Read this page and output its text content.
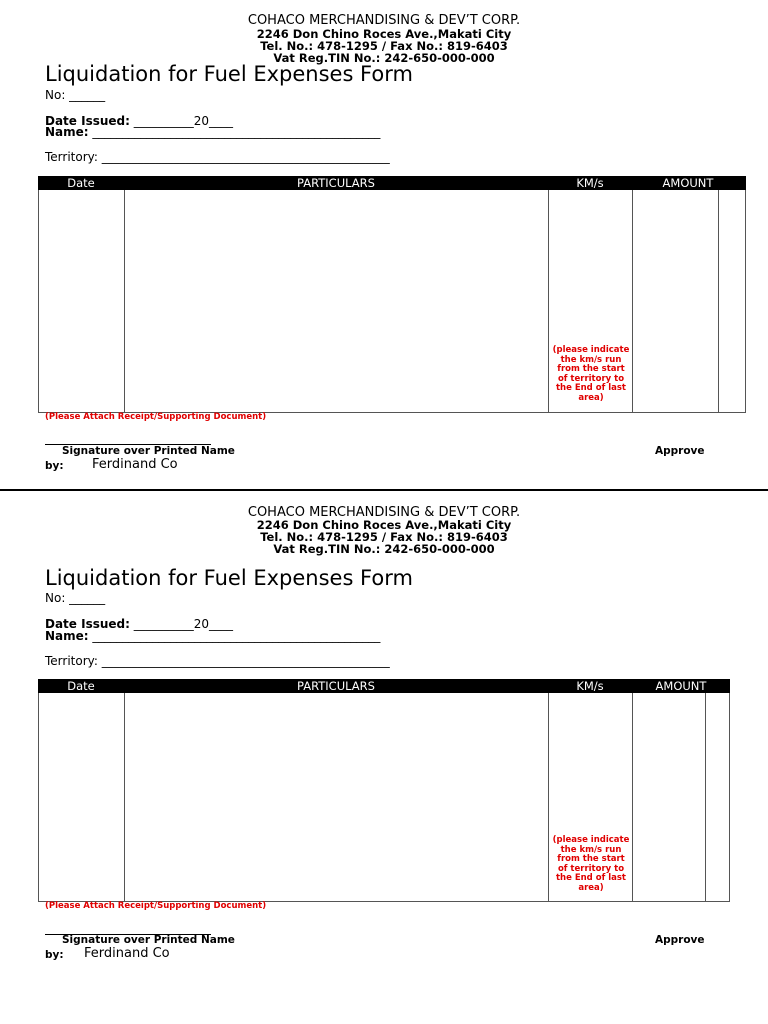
COHACO MERCHANDISING & DEV’T CORP.
2246 Don Chino Roces Ave.,Makati City
Tel. No.: 478-1295 / Fax No.: 819-6403
Vat Reg.TIN No.: 242-650-000-000
Liquidation for Fuel Expenses Form
No: ______
Date Issued: __________20____
Name: ________________________________________________
Territory: ________________________________________________
Date	PARTICULARS	KM/s	AMOUNT
(please indicate the km/s run from the start of territory to the End of last area)
(Please Attach Receipt/Supporting Document)
Signature over Printed Name	Approve
by: Ferdinand Co
COHACO MERCHANDISING & DEV’T CORP.
2246 Don Chino Roces Ave.,Makati City
Tel. No.: 478-1295 / Fax No.: 819-6403
Vat Reg.TIN No.: 242-650-000-000
Liquidation for Fuel Expenses Form
No: ______
Date Issued: __________20____
Name: ________________________________________________
Territory: ________________________________________________
Date	PARTICULARS	KM/s	AMOUNT
(please indicate the km/s run from the start of territory to the End of last area)
(Please Attach Receipt/Supporting Document)
Signature over Printed Name	Approve
by: Ferdinand Co
